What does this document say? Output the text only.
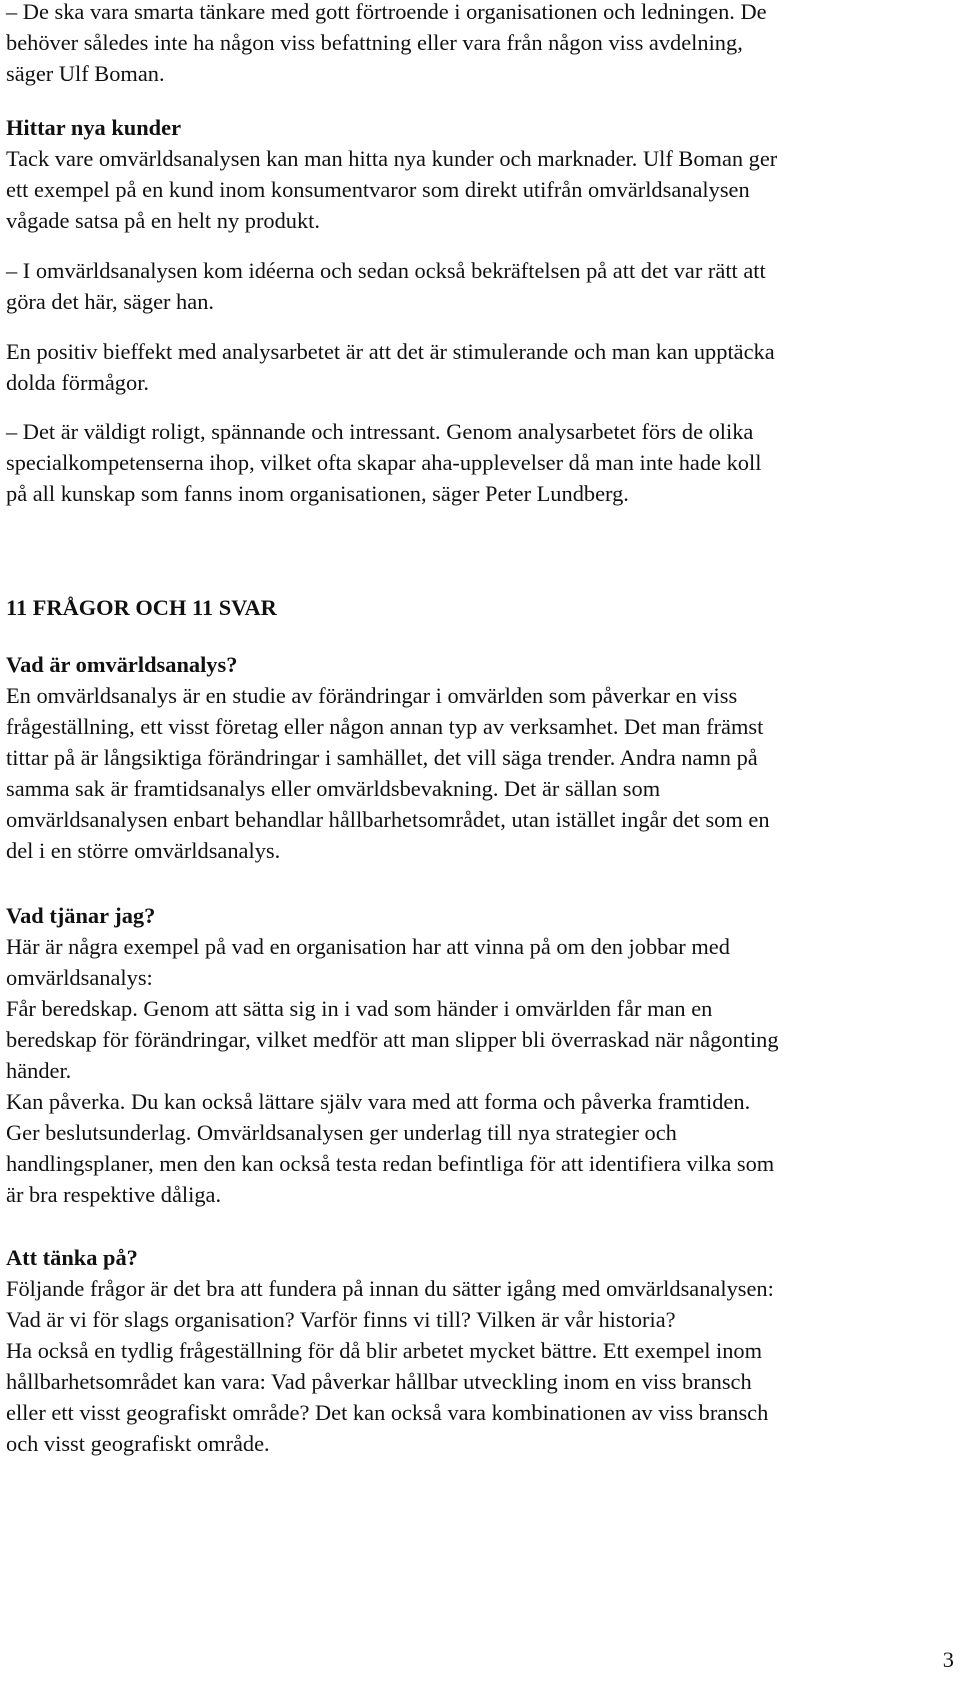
– De ska vara smarta tänkare med gott förtroende i organisationen och ledningen. De
behöver således inte ha någon viss befattning eller vara från någon viss avdelning,
säger Ulf Boman.

Hittar nya kunder

Tack vare omvärldsanalysen kan man hitta nya kunder och marknader. Ulf Boman ger
ett exempel på en kund inom konsumentvaror som direkt utifrån omvärldsanalysen
vågade satsa på en helt ny produkt.

– I omvärldsanalysen kom idéerna och sedan också bekräftelsen på att det var rätt att
göra det här, säger han.

En positiv bieffekt med analysarbetet är att det är stimulerande och man kan upptäcka
dolda förmågor.

– Det är väldigt roligt, spännande och intressant. Genom analysarbetet förs de olika
specialkompetenserna ihop, vilket ofta skapar aha-upplevelser då man inte hade koll
på all kunskap som fanns inom organisationen, säger Peter Lundberg.

11 FRÅGOR OCH 11 SVAR
Vad är omvärldsanalys?

En omvärldsanalys är en studie av förändringar i omvärlden som påverkar en viss
frågeställning, ett visst företag eller någon annan typ av verksamhet. Det man främst
tittar på är långsiktiga förändringar i samhället, det vill säga trender. Andra namn på
samma sak är framtidsanalys eller omvärldsbevakning. Det är sällan som
omvärldsanalysen enbart behandlar hållbarhetsområdet, utan istället ingår det som en
del i en större omvärldsanalys.

Vad tjänar jag?

Här är några exempel på vad en organisation har att vinna på om den jobbar med
omvärldsanalys:
Får beredskap. Genom att sätta sig in i vad som händer i omvärlden får man en
beredskap för förändringar, vilket medför att man slipper bli överraskad när någonting
händer.
Kan påverka. Du kan också lättare själv vara med att forma och påverka framtiden.
Ger beslutsunderlag. Omvärldsanalysen ger underlag till nya strategier och
handlingsplaner, men den kan också testa redan befintliga för att identifiera vilka som
är bra respektive dåliga.

Att tänka på?

Följande frågor är det bra att fundera på innan du sätter igång med omvärldsanalysen:
Vad är vi för slags organisation? Varför finns vi till? Vilken är vår historia?
Ha också en tydlig frågeställning för då blir arbetet mycket bättre. Ett exempel inom
hållbarhetsområdet kan vara: Vad påverkar hållbar utveckling inom en viss bransch
eller ett visst geografiskt område? Det kan också vara kombinationen av viss bransch
och visst geografiskt område.

3
